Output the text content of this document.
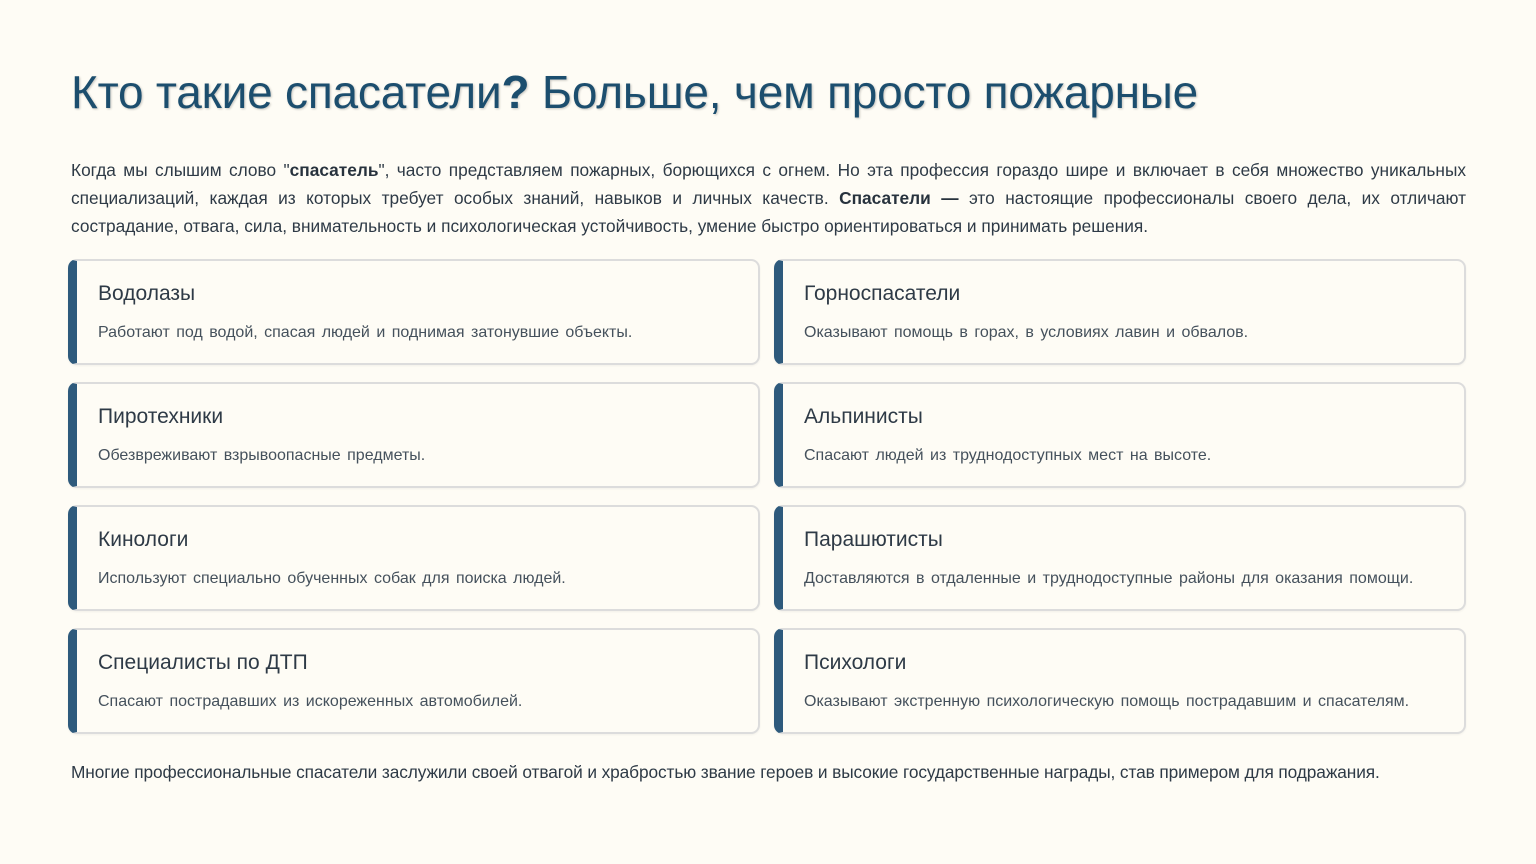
Кто такие спасатели? Больше, чем просто пожарные

Когда мы слышим слово "спасатель", часто представляем пожарных, борющихся с огнем. Но эта профессия гораздо шире и включает в себя множество уникальных специализаций, каждая из которых требует особых знаний, навыков и личных качеств. Спасатели — это настоящие профессионалы своего дела, их отличают сострадание, отвага, сила, внимательность и психологическая устойчивость, умение быстро ориентироваться и принимать решения.

Водолазы
Работают под водой, спасая людей и поднимая затонувшие объекты.
Горноспасатели
Оказывают помощь в горах, в условиях лавин и обвалов.
Пиротехники
Обезвреживают взрывоопасные предметы.
Альпинисты
Спасают людей из труднодоступных мест на высоте.
Кинологи
Используют специально обученных собак для поиска людей.
Парашютисты
Доставляются в отдаленные и труднодоступные районы для оказания помощи.
Специалисты по ДТП
Спасают пострадавших из искореженных автомобилей.
Психологи
Оказывают экстренную психологическую помощь пострадавшим и спасателям.

Многие профессиональные спасатели заслужили своей отвагой и храбростью звание героев и высокие государственные награды, став примером для подражания.
